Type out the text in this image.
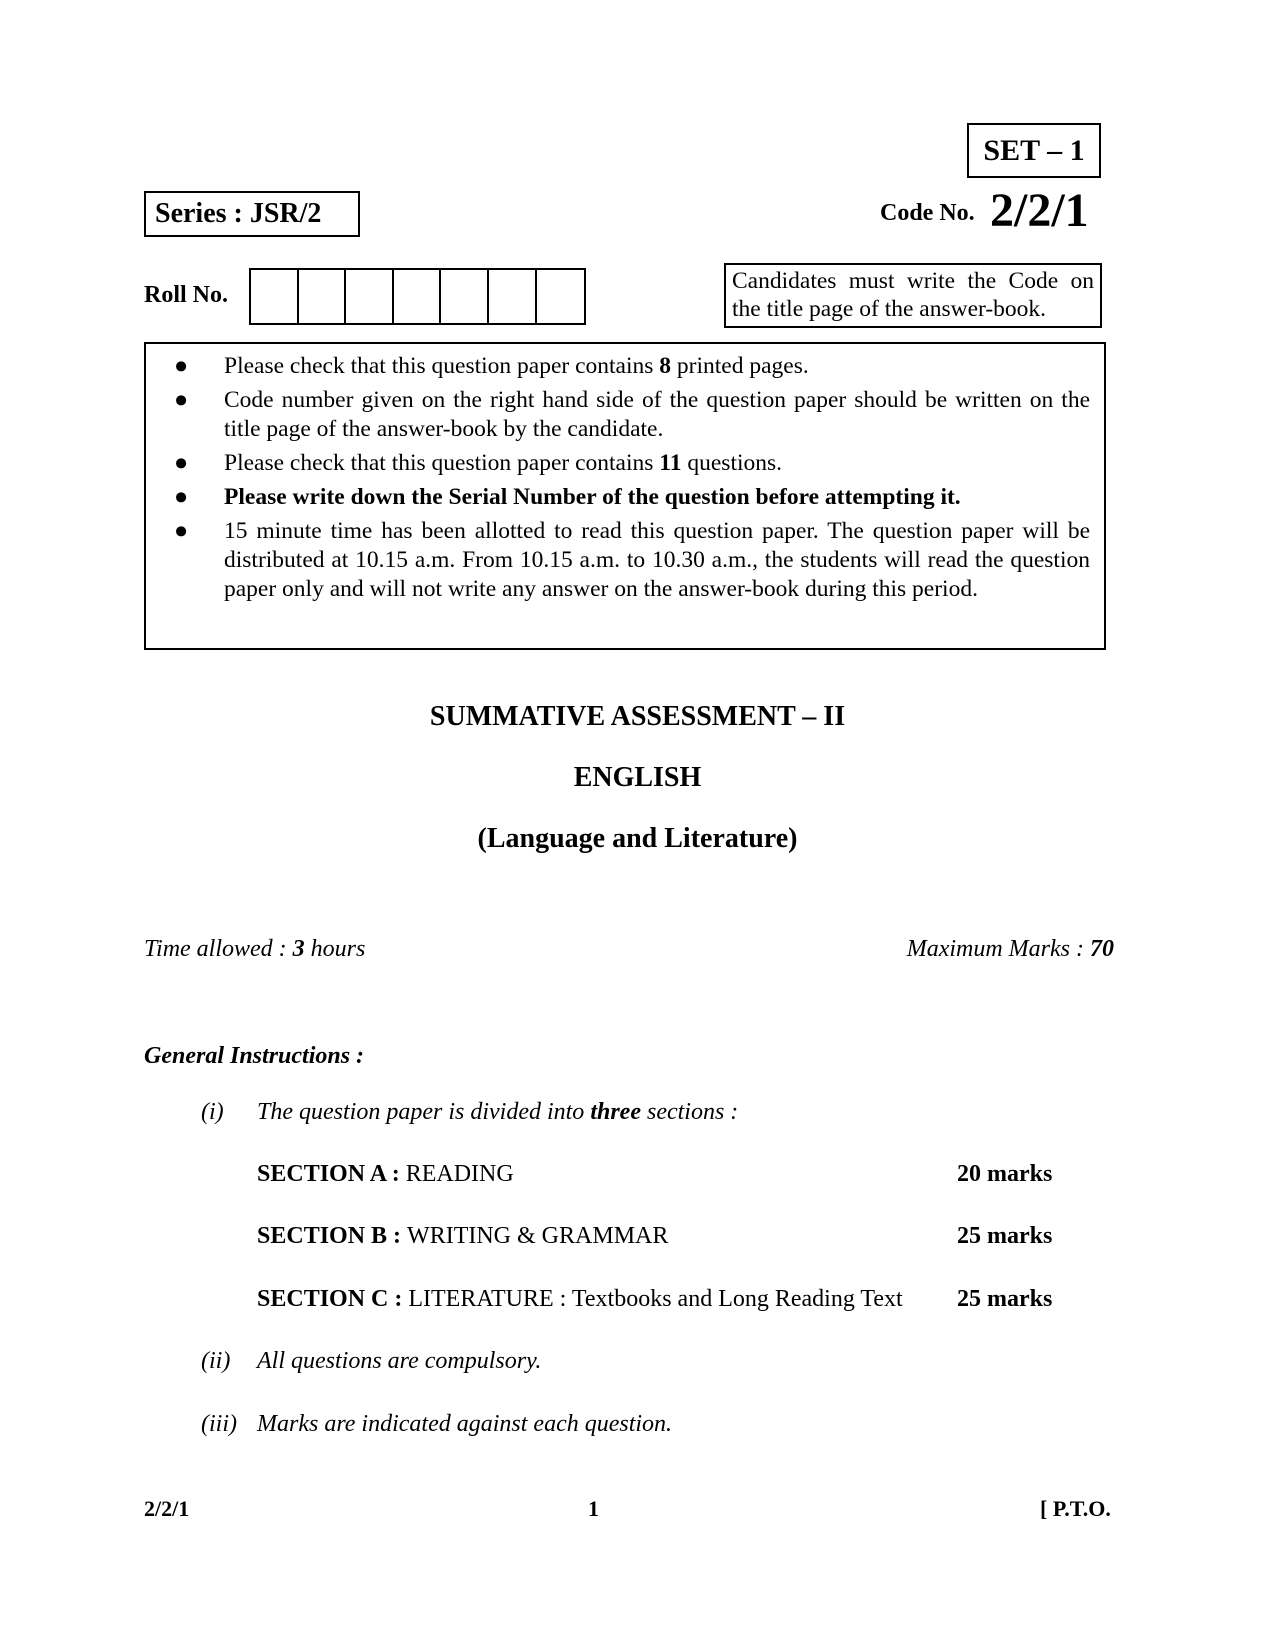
SET – 1
Series : JSR/2	Code No. 2/2/1
Roll No.
Candidates must write the Code on the title page of the answer-book.
● Please check that this question paper contains 8 printed pages.
● Code number given on the right hand side of the question paper should be written on the title page of the answer-book by the candidate.
● Please check that this question paper contains 11 questions.
● Please write down the Serial Number of the question before attempting it.
● 15 minute time has been allotted to read this question paper. The question paper will be distributed at 10.15 a.m. From 10.15 a.m. to 10.30 a.m., the students will read the question paper only and will not write any answer on the answer-book during this period.
SUMMATIVE ASSESSMENT – II
ENGLISH
(Language and Literature)
Time allowed : 3 hours	Maximum Marks : 70
General Instructions :
(i) The question paper is divided into three sections :
SECTION A : READING	20 marks
SECTION B : WRITING & GRAMMAR	25 marks
SECTION C : LITERATURE : Textbooks and Long Reading Text 25 marks
(ii) All questions are compulsory.
(iii) Marks are indicated against each question.
2/2/1	1	[ P.T.O.
